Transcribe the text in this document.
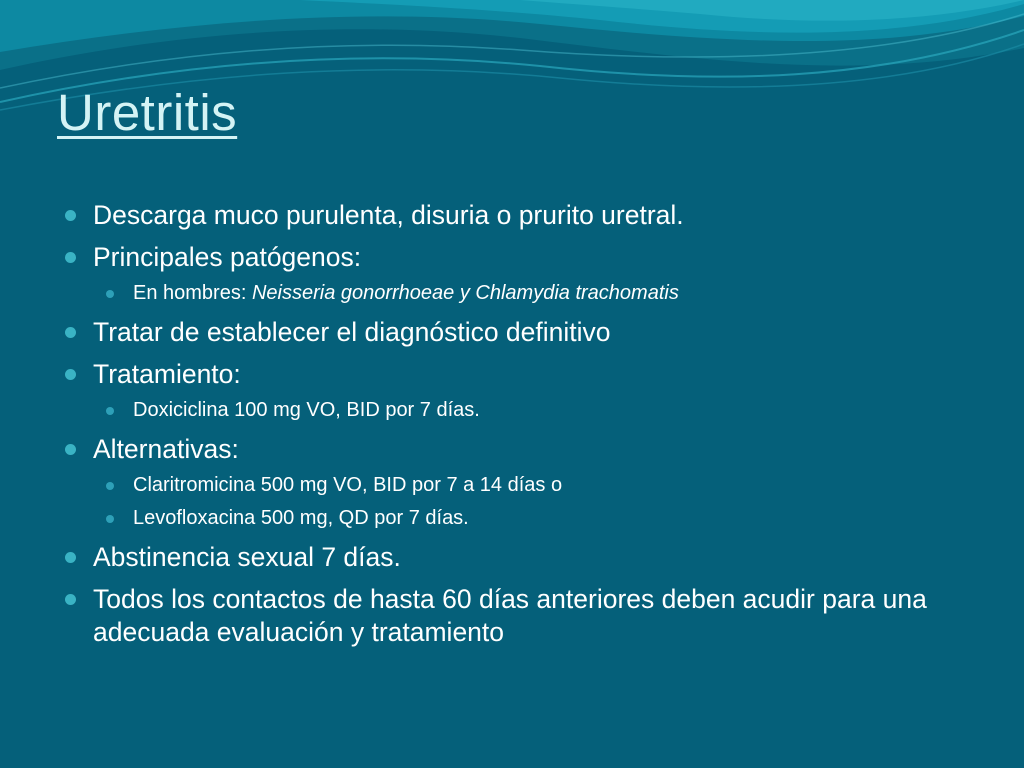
Uretritis
Descarga muco purulenta, disuria o prurito uretral.
Principales patógenos:
En hombres: Neisseria gonorrhoeae y Chlamydia trachomatis
Tratar de establecer el diagnóstico definitivo
Tratamiento:
Doxiciclina 100 mg VO, BID por 7 días.
Alternativas:
Claritromicina 500 mg VO, BID por 7 a 14 días o
Levofloxacina 500 mg, QD por 7 días.
Abstinencia sexual 7 días.
Todos los contactos de hasta 60 días anteriores deben acudir para una adecuada evaluación y tratamiento
